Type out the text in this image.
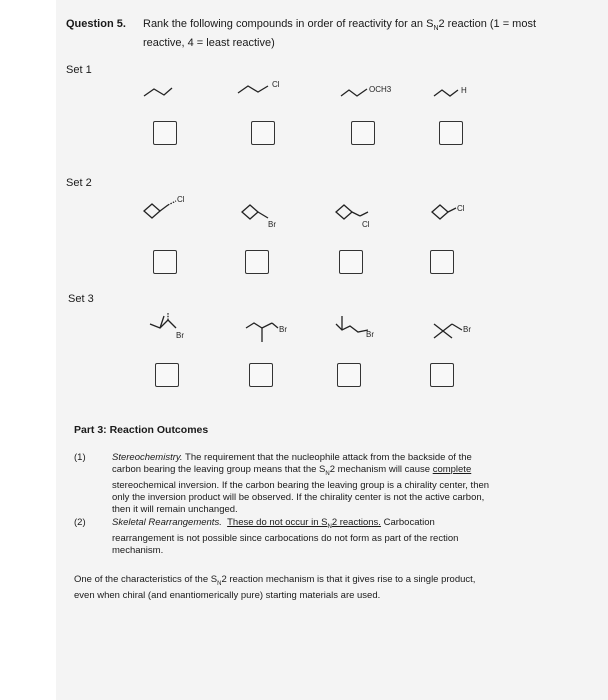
Question 5. Rank the following compounds in order of reactivity for an $S_N2$ reaction (1 = most
reactive, 4 = least reactive)
Set 1
Set 2
Set 3
Cl
OCH3	H
Cl
Br	Cl
Cl
Br
Br
Br
Br
Part 3: Reaction Outcomes
(1)	Stereochemistry. The requirement that the nucleophile attack from the backside of the
carbon bearing the leaving group means that the $S_N2$ mechanism will cause complete
stereochemical inversion. If the carbon bearing the leaving group is a chirality center, then
only the inversion product will be observed. If the chirality center is not the active carbon,
then it will remain unchanged.
(2)	Skeletal Rearrangements. These do not occur in $S_N2$ reactions. Carbocation
rearrangement is not possible since carbocations do not form as part of the rection
mechanism.
One of the characteristics of the $S_N2$ reaction mechanism is that it gives rise to a single product,
even when chiral (and enantiomerically pure) starting materials are used.
